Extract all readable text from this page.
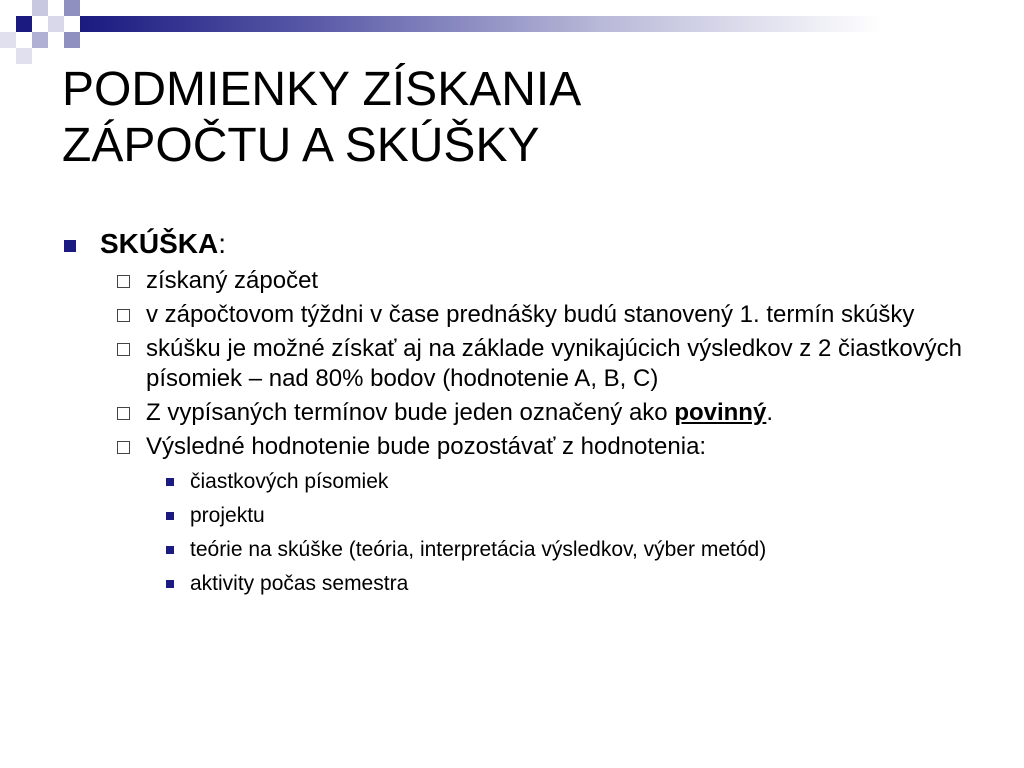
PODMIENKY ZÍSKANIA
ZÁPOČTU A SKÚŠKY
SKÚŠKA:
získaný zápočet
v zápočtovom týždni v čase prednášky budú stanovený 1. termín skúšky
skúšku je možné získať aj na základe vynikajúcich výsledkov z 2 čiastkových písomiek – nad 80% bodov (hodnotenie A, B, C)
Z vypísaných termínov bude jeden označený ako povinný.
Výsledné hodnotenie bude pozostávať z hodnotenia:
čiastkových písomiek
projektu
teórie na skúške (teória, interpretácia výsledkov, výber metód)
aktivity počas semestra
